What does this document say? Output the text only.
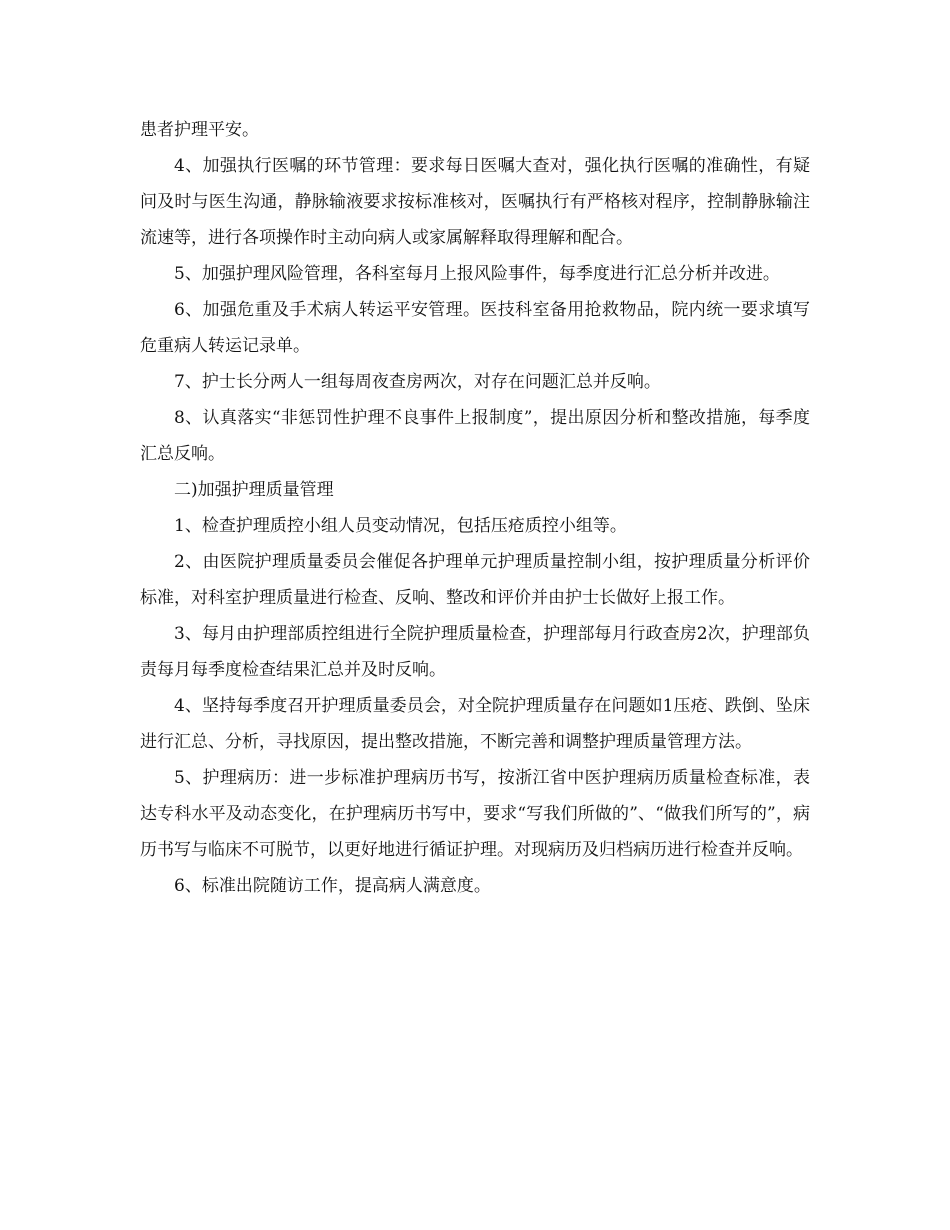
患者护理平安。

4、加强执行医嘱的环节管理：要求每日医嘱大查对，强化执行医嘱的准确性，有疑问及时与医生沟通，静脉输液要求按标准核对，医嘱执行有严格核对程序，控制静脉输注流速等，进行各项操作时主动向病人或家属解释取得理解和配合。

5、加强护理风险管理，各科室每月上报风险事件，每季度进行汇总分析并改进。

6、加强危重及手术病人转运平安管理。医技科室备用抢救物品，院内统一要求填写危重病人转运记录单。

7、护士长分两人一组每周夜查房两次，对存在问题汇总并反响。

8、认真落实“非惩罚性护理不良事件上报制度”，提出原因分析和整改措施，每季度汇总反响。

二)加强护理质量管理

1、检查护理质控小组人员变动情况，包括压疮质控小组等。

2、由医院护理质量委员会催促各护理单元护理质量控制小组，按护理质量分析评价标准，对科室护理质量进行检查、反响、整改和评价并由护士长做好上报工作。

3、每月由护理部质控组进行全院护理质量检查，护理部每月行政查房2次，护理部负责每月每季度检查结果汇总并及时反响。

4、坚持每季度召开护理质量委员会，对全院护理质量存在问题如1压疮、跌倒、坠床进行汇总、分析，寻找原因，提出整改措施，不断完善和调整护理质量管理方法。

5、护理病历：进一步标准护理病历书写，按浙江省中医护理病历质量检查标准，表达专科水平及动态变化，在护理病历书写中，要求“写我们所做的”、“做我们所写的”，病历书写与临床不可脱节，以更好地进行循证护理。对现病历及归档病历进行检查并反响。

6、标准出院随访工作，提高病人满意度。
